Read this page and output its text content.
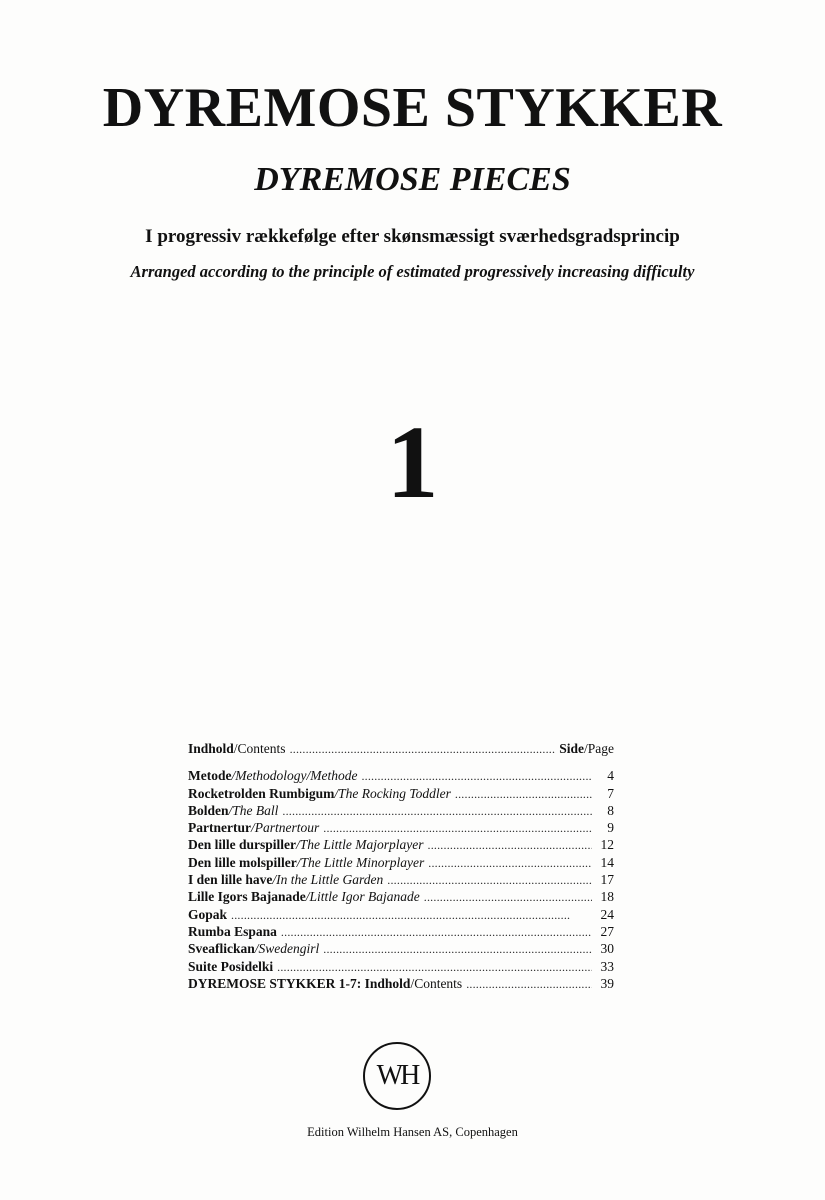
DYREMOSE STYKKER
DYREMOSE PIECES
I progressiv rækkefølge efter skønsmæssigt sværhedsgradsprincip
Arranged according to the principle of estimated progressively increasing difficulty
1
Indhold/Contents . . .	Side/Page
Metode/Methodology/Methode . . .	4
Rocketrolden Rumbigum/The Rocking Toddler . . .	7
Bolden/The Ball . . .	8
Partnertur/Partnertour . . .	9
Den lille durspiller/The Little Majorplayer . . .	12
Den lille molspiller/The Little Minorplayer . . .	14
I den lille have/In the Little Garden . . .	17
Lille Igors Bajanade/Little Igor Bajanade . . .	18
Gopak . . .	24
Rumba Espana . . .	27
Sveaflickan/Swedengirl . . .	30
Suite Posidelki . . .	33
DYREMOSE STYKKER 1-7: Indhold/Contents . . .	39
WH
Edition Wilhelm Hansen AS, Copenhagen
